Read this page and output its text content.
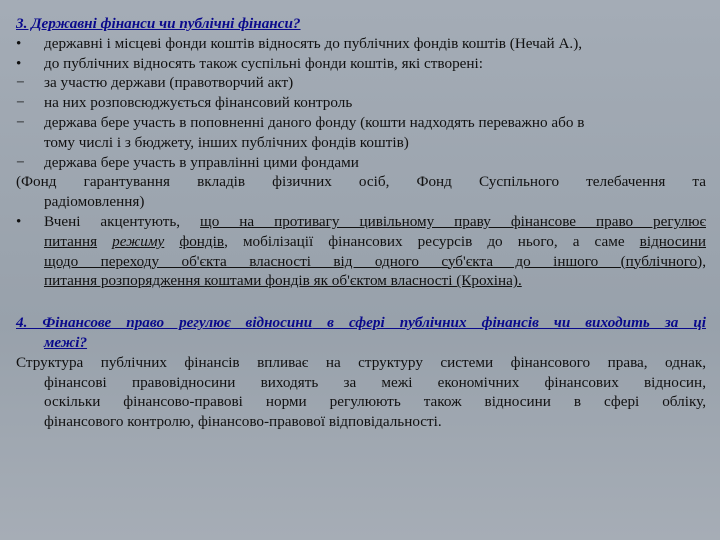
3. Державні фінанси чи публічні фінанси?
•	державні і місцеві фонди коштів відносять до публічних фондів коштів (Нечай А.),
•	до публічних відносять також суспільні фонди коштів, які створені:
−	за участю держави (правотворчий акт)
−	на них розповсюджується фінансовий контроль
−	держава бере участь в поповненні даного фонду (кошти надходять переважно або в
тому числі і з бюджету, інших публічних фондів коштів)
−	держава бере участь в управлінні цими фондами
(Фонд гарантування вкладів фізичних осіб, Фонд Суспільного телебачення та
радіомовлення)
•	Вчені акцентують, що на противагу цивільному праву фінансове право регулює
питання режиму фондів, мобілізації фінансових ресурсів до нього, а саме відносини
щодо переходу об'єкта власності від одного суб'єкта до іншого (публічного),
питання розпорядження коштами фондів як об'єктом власності (Крохіна).
4. Фінансове право регулює відносини в сфері публічних фінансів чи виходить за ці
межі?
Структура публічних фінансів впливає на структуру системи фінансового права, однак,
фінансові правовідносини виходять за межі економічних фінансових відносин,
оскільки фінансово-правові норми регулюють також відносини в сфері обліку,
фінансового контролю, фінансово-правової відповідальності.
